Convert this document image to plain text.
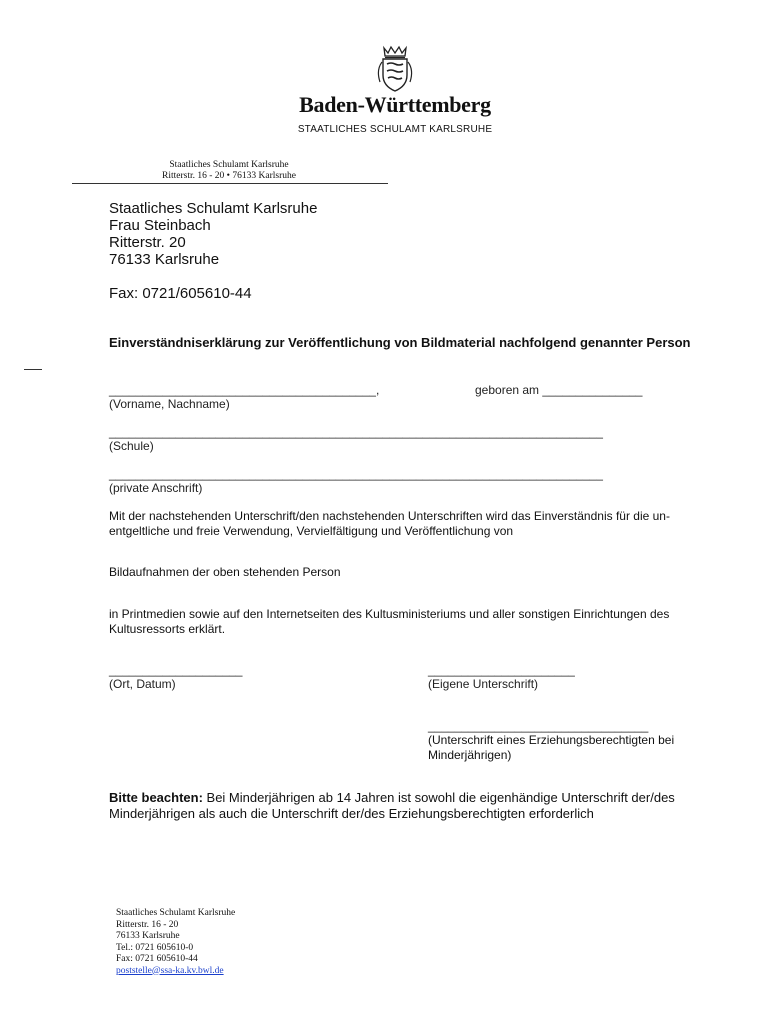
Baden-Württemberg
STAATLICHES SCHULAMT KARLSRUHE
Staatliches Schulamt Karlsruhe
Ritterstr. 16 - 20 • 76133 Karlsruhe
Staatliches Schulamt Karlsruhe
Frau Steinbach
Ritterstr. 20
76133 Karlsruhe
Fax: 0721/605610-44
Einverständniserklärung zur Veröffentlichung von Bildmaterial nachfolgend genannter Person
________________________________________,	geboren am _______________
(Vorname, Nachname)
__________________________________________________________________________
(Schule)
__________________________________________________________________________
(private Anschrift)
Mit der nachstehenden Unterschrift/den nachstehenden Unterschriften wird das Einverständnis für die unentgeltliche und freie Verwendung, Vervielfältigung und Veröffentlichung von
Bildaufnahmen der oben stehenden Person
in Printmedien sowie auf den Internetseiten des Kultusministeriums und aller sonstigen Einrichtungen des Kultusressorts erklärt.
____________________
(Ort, Datum)
______________________
(Eigene Unterschrift)
_________________________________
(Unterschrift eines Erziehungsberechtigten bei Minderjährigen)
Bitte beachten: Bei Minderjährigen ab 14 Jahren ist sowohl die eigenhändige Unterschrift der/des Minderjährigen als auch die Unterschrift der/des Erziehungsberechtigten erforderlich
Staatliches Schulamt Karlsruhe
Ritterstr. 16 - 20
76133 Karlsruhe
Tel.: 0721 605610-0
Fax: 0721 605610-44
poststelle@ssa-ka.kv.bwl.de
